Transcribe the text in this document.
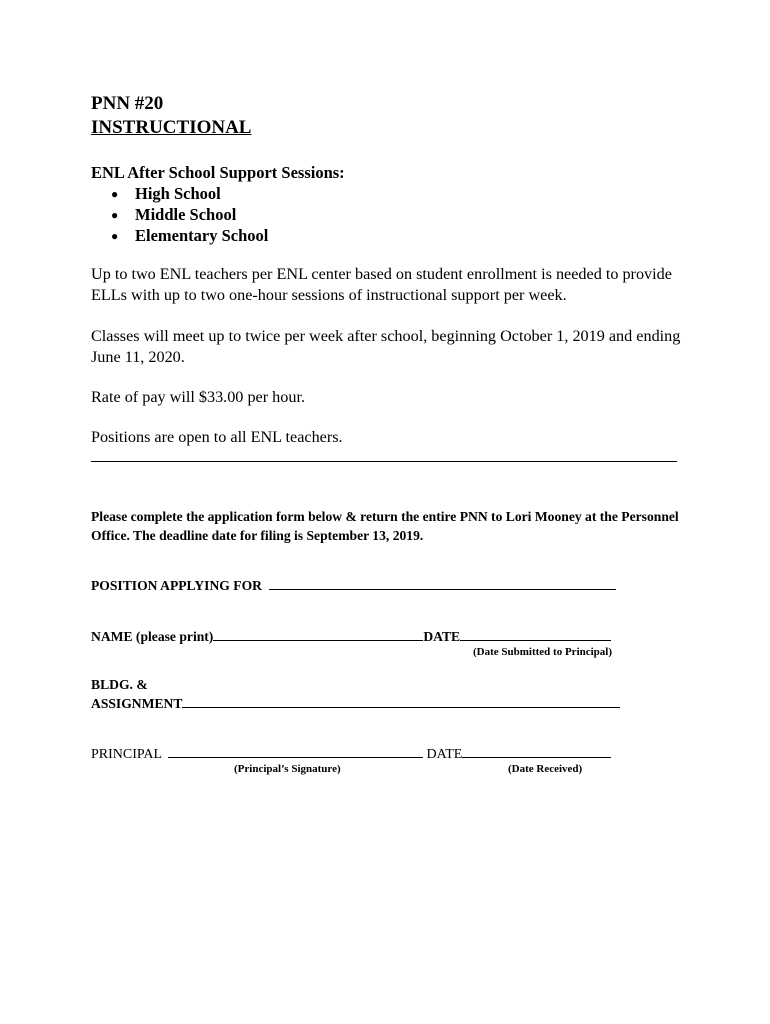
PNN #20
INSTRUCTIONAL
ENL After School Support Sessions:
● High School
● Middle School
● Elementary School
Up to two ENL teachers per ENL center based on student enrollment is needed to provide ELLs with up to two one-hour sessions of instructional support per week.
Classes will meet up to twice per week after school, beginning October 1, 2019 and ending June 11, 2020.
Rate of pay will $33.00 per hour.
Positions are open to all ENL teachers.
Please complete the application form below & return the entire PNN to Lori Mooney at the Personnel Office. The deadline date for filing is September 13, 2019.
POSITION APPLYING FOR
NAME (please print)	DATE
(Date Submitted to Principal)
BLDG. &
ASSIGNMENT
PRINCIPAL	DATE
(Principal’s Signature)	(Date Received)
